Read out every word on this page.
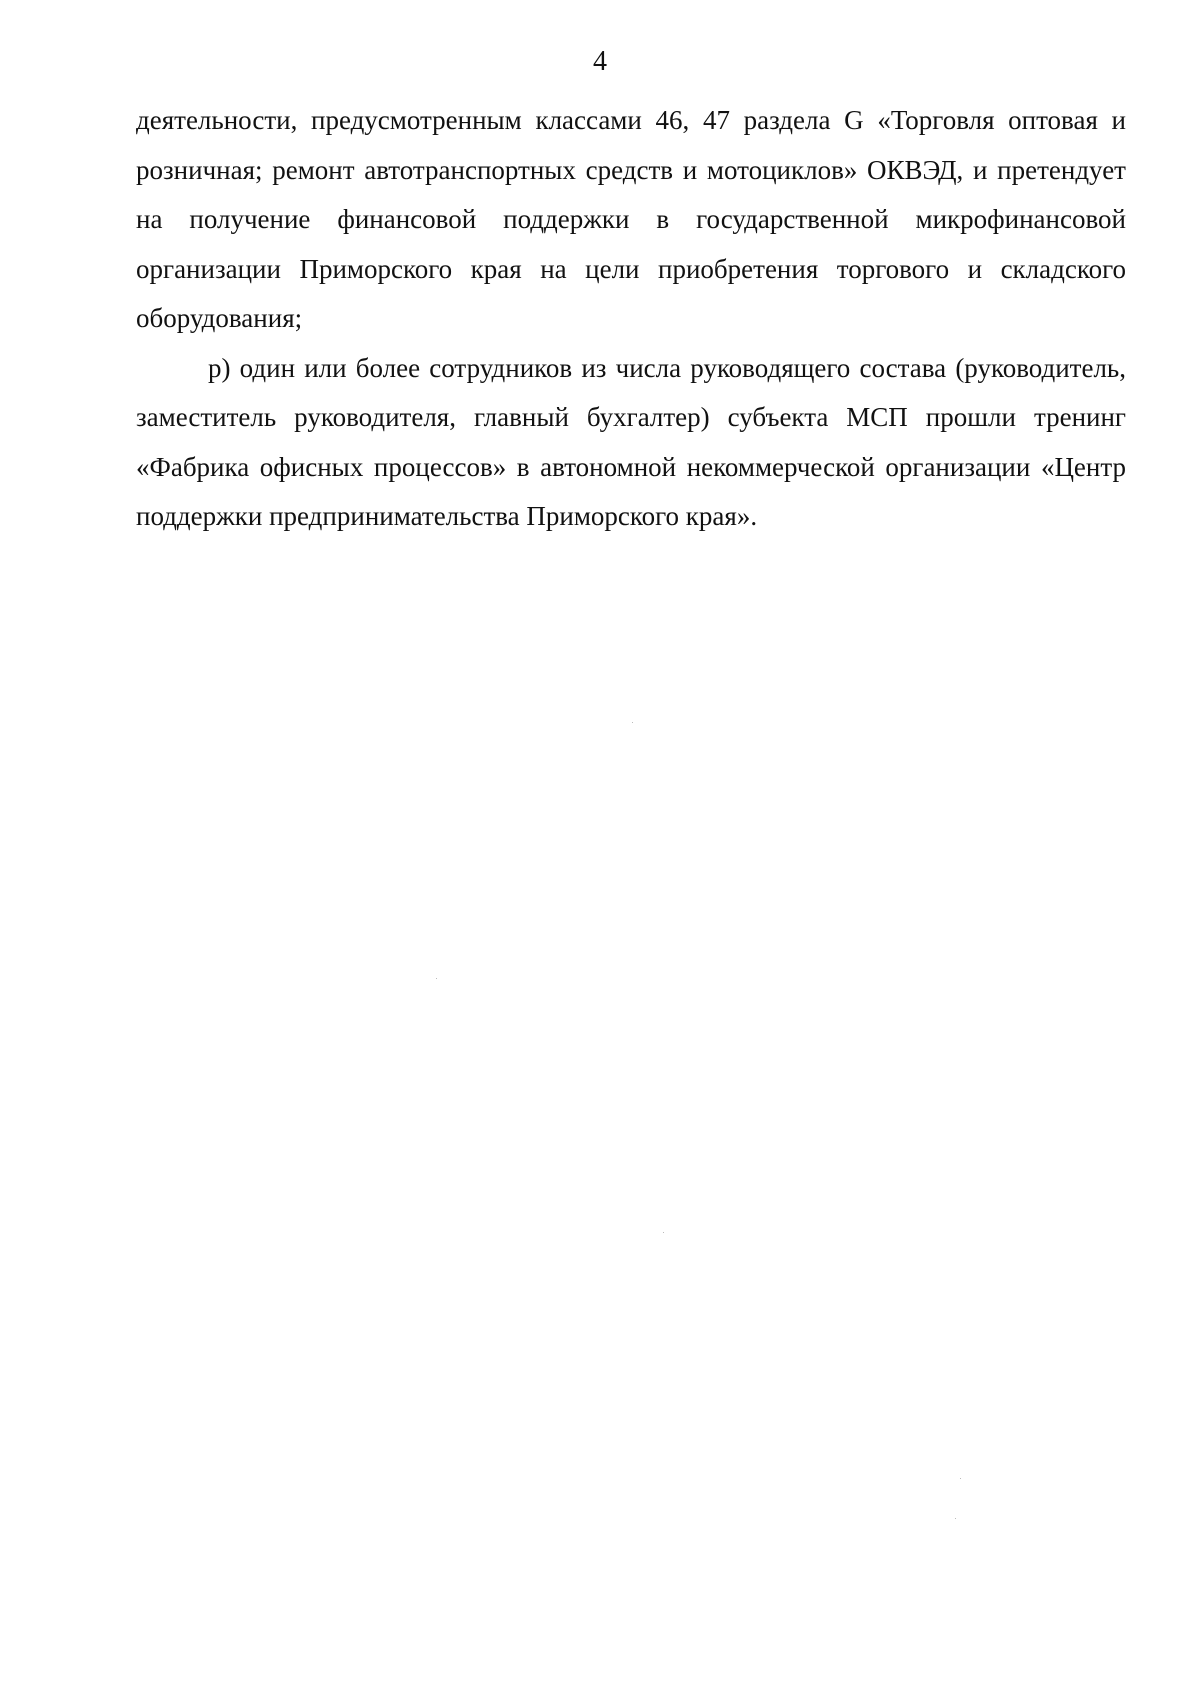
4

деятельности, предусмотренным классами 46, 47 раздела G «Торговля оптовая и розничная; ремонт автотранспортных средств и мотоциклов» ОКВЭД, и претендует на получение финансовой поддержки в государственной микрофинансовой организации Приморского края на цели приобретения торгового и складского оборудования;

р) один или более сотрудников из числа руководящего состава (руководитель, заместитель руководителя, главный бухгалтер) субъекта МСП прошли тренинг «Фабрика офисных процессов» в автономной некоммерческой организации «Центр поддержки предпринимательства Приморского края».
